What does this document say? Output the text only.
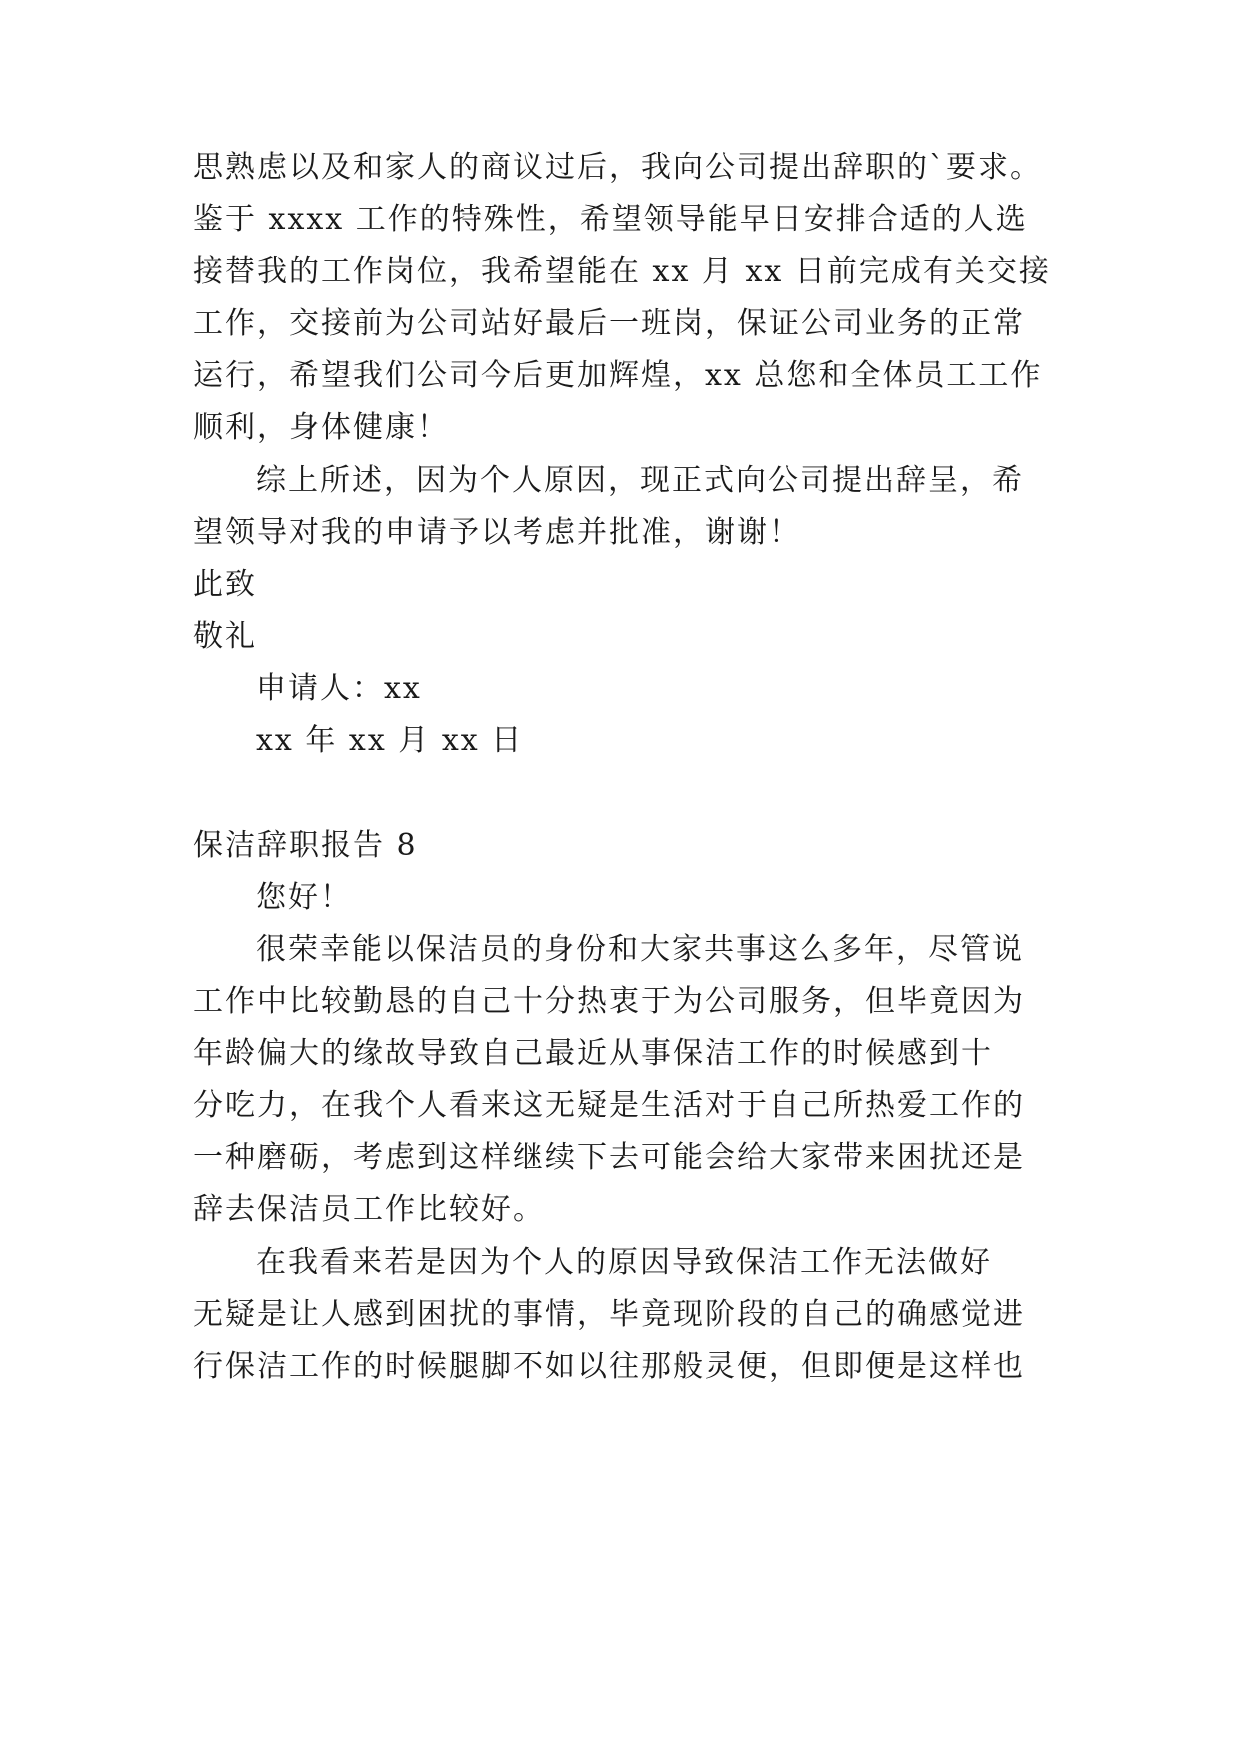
思熟虑以及和家人的商议过后，我向公司提出辞职的`要求。
鉴于 xxxx 工作的特殊性，希望领导能早日安排合适的人选
接替我的工作岗位，我希望能在 xx 月 xx 日前完成有关交接
工作，交接前为公司站好最后一班岗，保证公司业务的正常
运行，希望我们公司今后更加辉煌，xx 总您和全体员工工作
顺利，身体健康！
综上所述，因为个人原因，现正式向公司提出辞呈，希
望领导对我的申请予以考虑并批准，谢谢！
此致
敬礼
申请人：xx
xx 年 xx 月 xx 日
保洁辞职报告 8
您好！
很荣幸能以保洁员的身份和大家共事这么多年，尽管说
工作中比较勤恳的自己十分热衷于为公司服务，但毕竟因为
年龄偏大的缘故导致自己最近从事保洁工作的时候感到十
分吃力，在我个人看来这无疑是生活对于自己所热爱工作的
一种磨砺，考虑到这样继续下去可能会给大家带来困扰还是
辞去保洁员工作比较好。
在我看来若是因为个人的原因导致保洁工作无法做好
无疑是让人感到困扰的事情，毕竟现阶段的自己的确感觉进
行保洁工作的时候腿脚不如以往那般灵便，但即便是这样也
